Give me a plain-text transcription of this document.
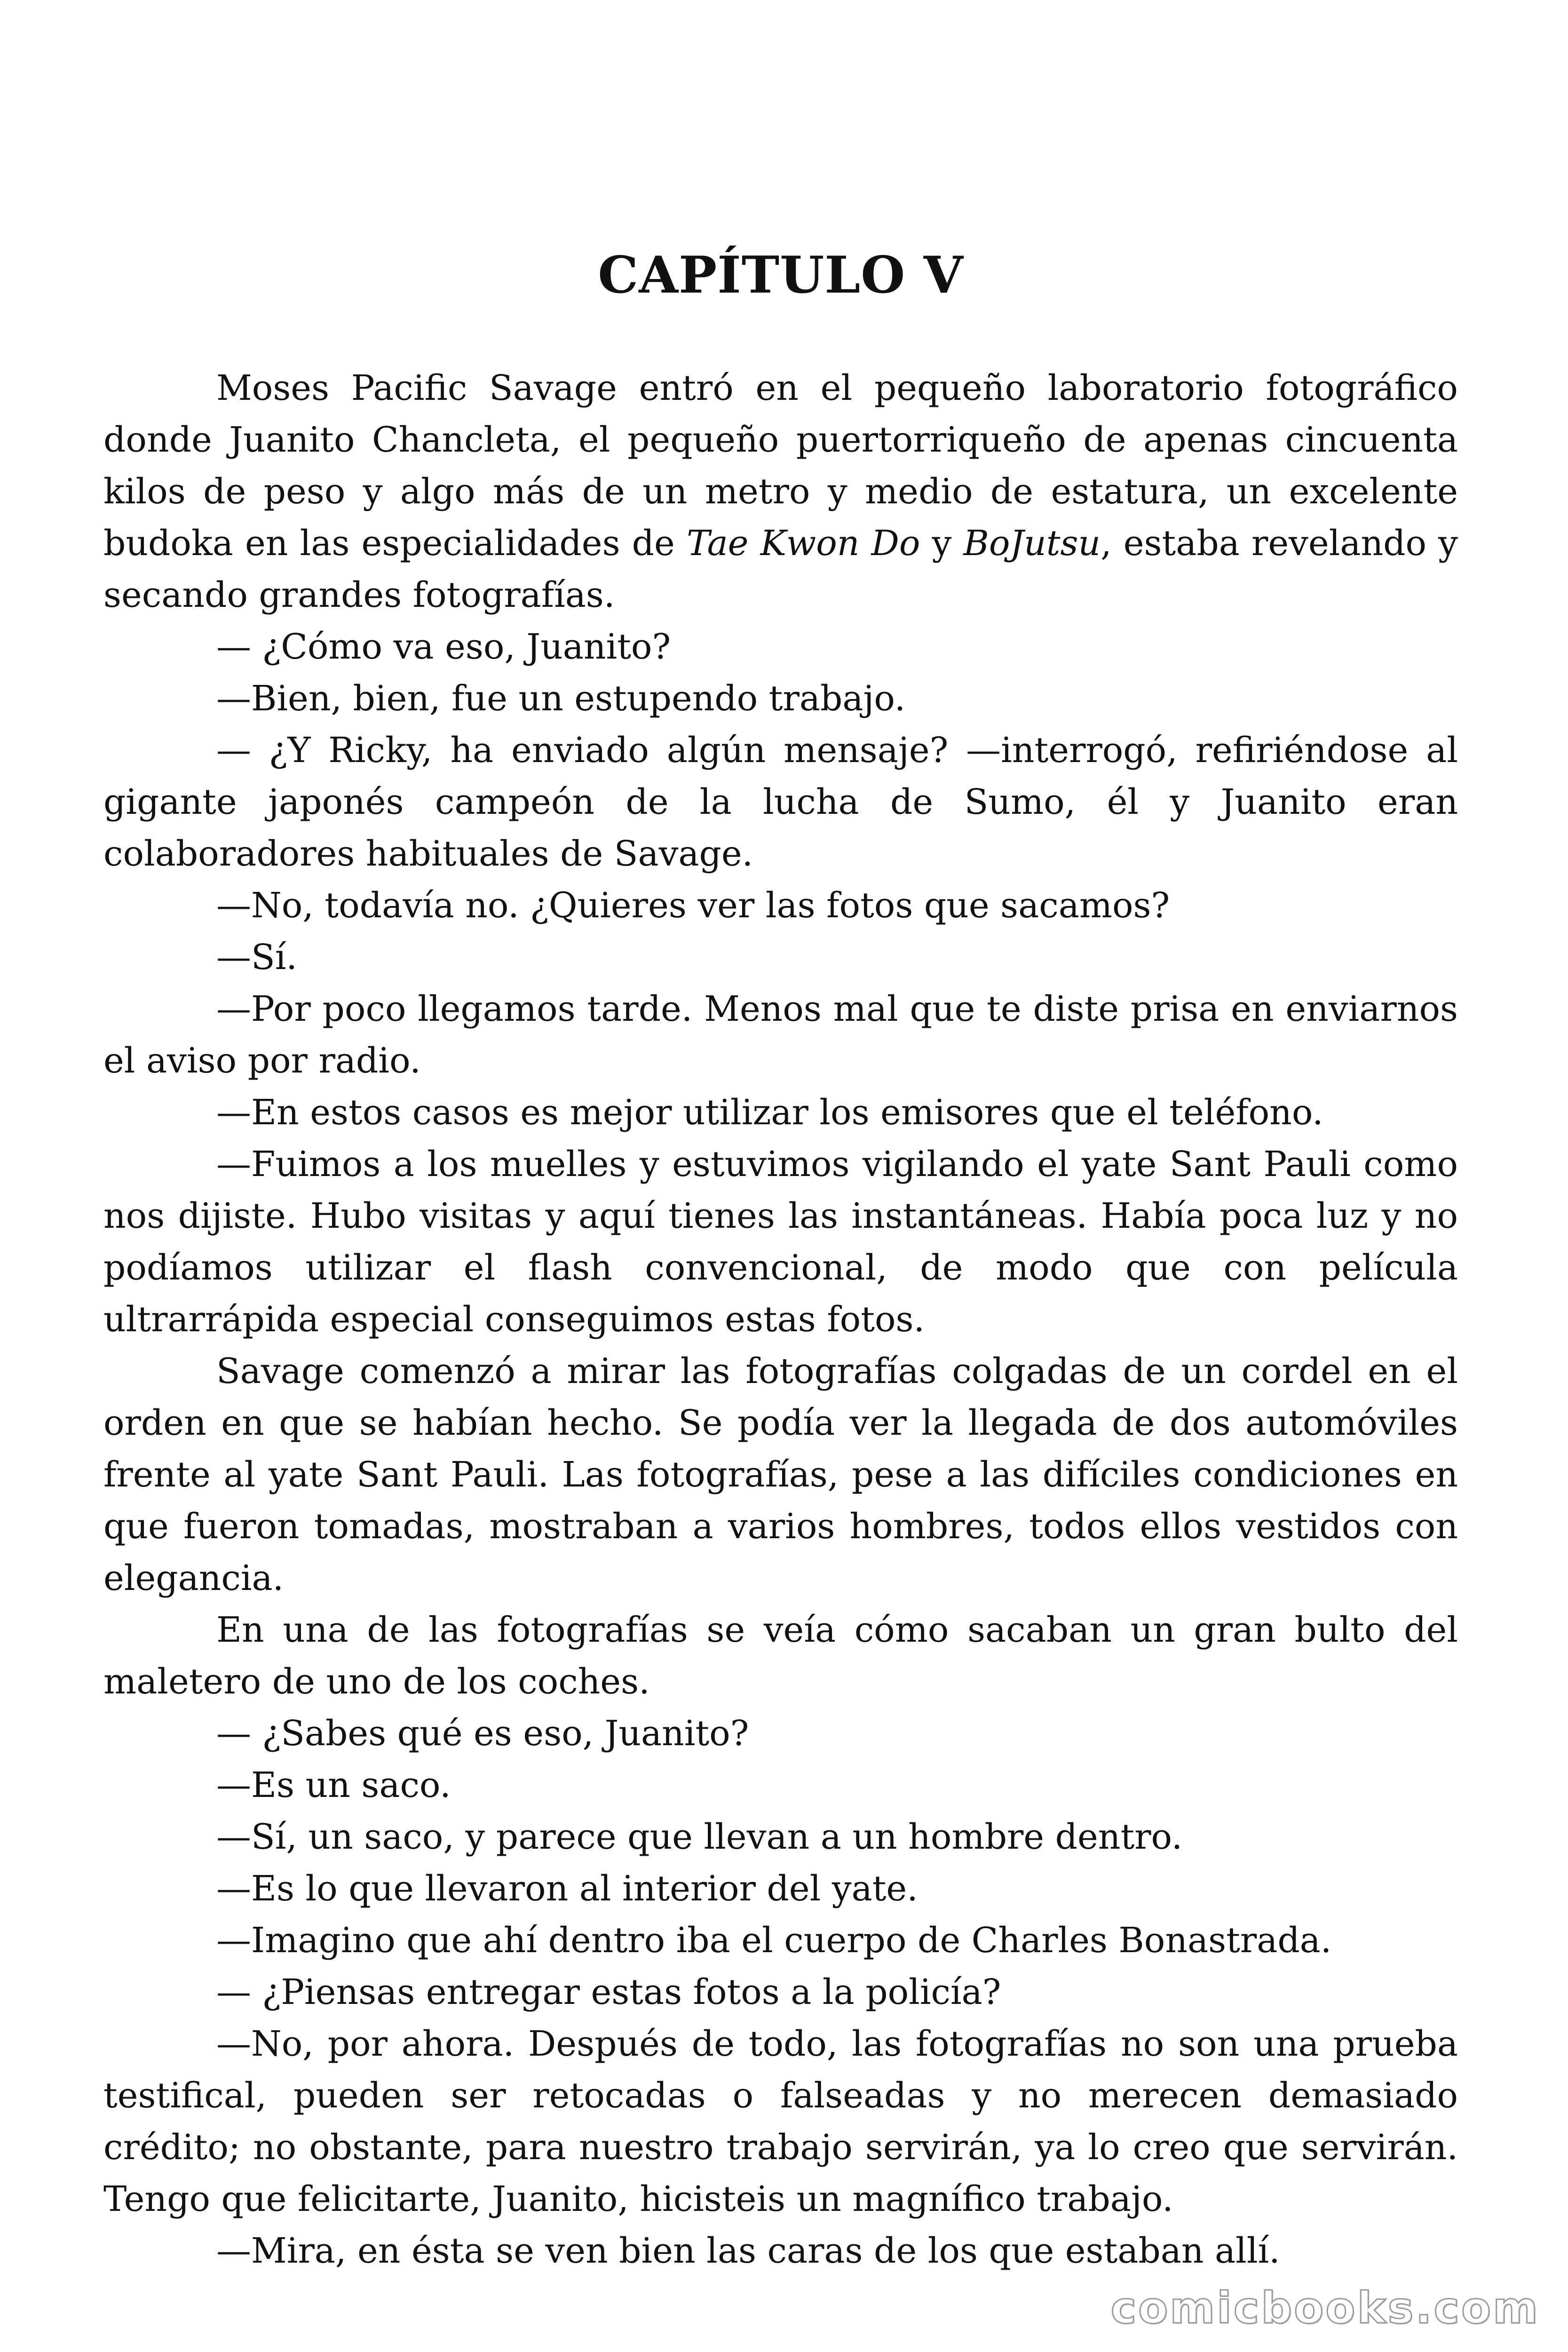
CAPÍTULO V

Moses Pacific Savage entró en el pequeño laboratorio fotográfico donde Juanito Chancleta, el pequeño puertorriqueño de apenas cincuenta kilos de peso y algo más de un metro y medio de estatura, un excelente budoka en las especialidades de Tae Kwon Do y BoJutsu, estaba revelando y secando grandes fotografías.

— ¿Cómo va eso, Juanito?

—Bien, bien, fue un estupendo trabajo.

— ¿Y Ricky, ha enviado algún mensaje? —interrogó, refiriéndose al gigante japonés campeón de la lucha de Sumo, él y Juanito eran colaboradores habituales de Savage.

—No, todavía no. ¿Quieres ver las fotos que sacamos?

—Sí.

—Por poco llegamos tarde. Menos mal que te diste prisa en enviarnos el aviso por radio.

—En estos casos es mejor utilizar los emisores que el teléfono.

—Fuimos a los muelles y estuvimos vigilando el yate Sant Pauli como nos dijiste. Hubo visitas y aquí tienes las instantáneas. Había poca luz y no podíamos utilizar el flash convencional, de modo que con película ultrarrápida especial conseguimos estas fotos.

Savage comenzó a mirar las fotografías colgadas de un cordel en el orden en que se habían hecho. Se podía ver la llegada de dos automóviles frente al yate Sant Pauli. Las fotografías, pese a las difíciles condiciones en que fueron tomadas, mostraban a varios hombres, todos ellos vestidos con elegancia.

En una de las fotografías se veía cómo sacaban un gran bulto del maletero de uno de los coches.

— ¿Sabes qué es eso, Juanito?

—Es un saco.

—Sí, un saco, y parece que llevan a un hombre dentro.

—Es lo que llevaron al interior del yate.

—Imagino que ahí dentro iba el cuerpo de Charles Bonastrada.

— ¿Piensas entregar estas fotos a la policía?

—No, por ahora. Después de todo, las fotografías no son una prueba testifical, pueden ser retocadas o falseadas y no merecen demasiado crédito; no obstante, para nuestro trabajo servirán, ya lo creo que servirán. Tengo que felicitarte, Juanito, hicisteis un magnífico trabajo.

—Mira, en ésta se ven bien las caras de los que estaban allí.

comicbooks.com
